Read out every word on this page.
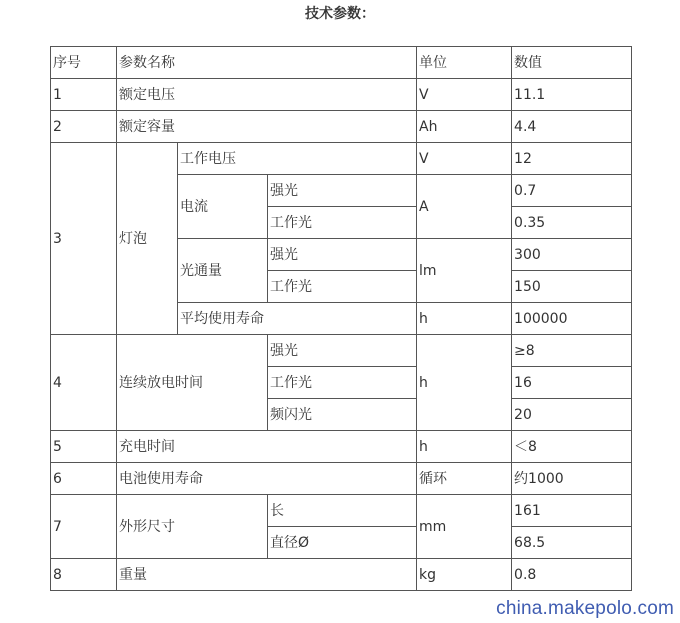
技术参数：
序号	参数名称			单位	数值
1	额定电压			V	11.1
2	额定容量			Ah	4.4
3	灯泡	工作电压		V	12
		电流	强光	A	0.7
			工作光		0.35
		光通量	强光	lm	300
			工作光		150
		平均使用寿命		h	100000
4	连续放电时间		强光	h	≥8
			工作光		16
			频闪光		20
5	充电时间			h	＜8
6	电池使用寿命			循环	约1000
7	外形尺寸		长	mm	161
			直径Ø		68.5
8	重量			kg	0.8
china.makepolo.com
